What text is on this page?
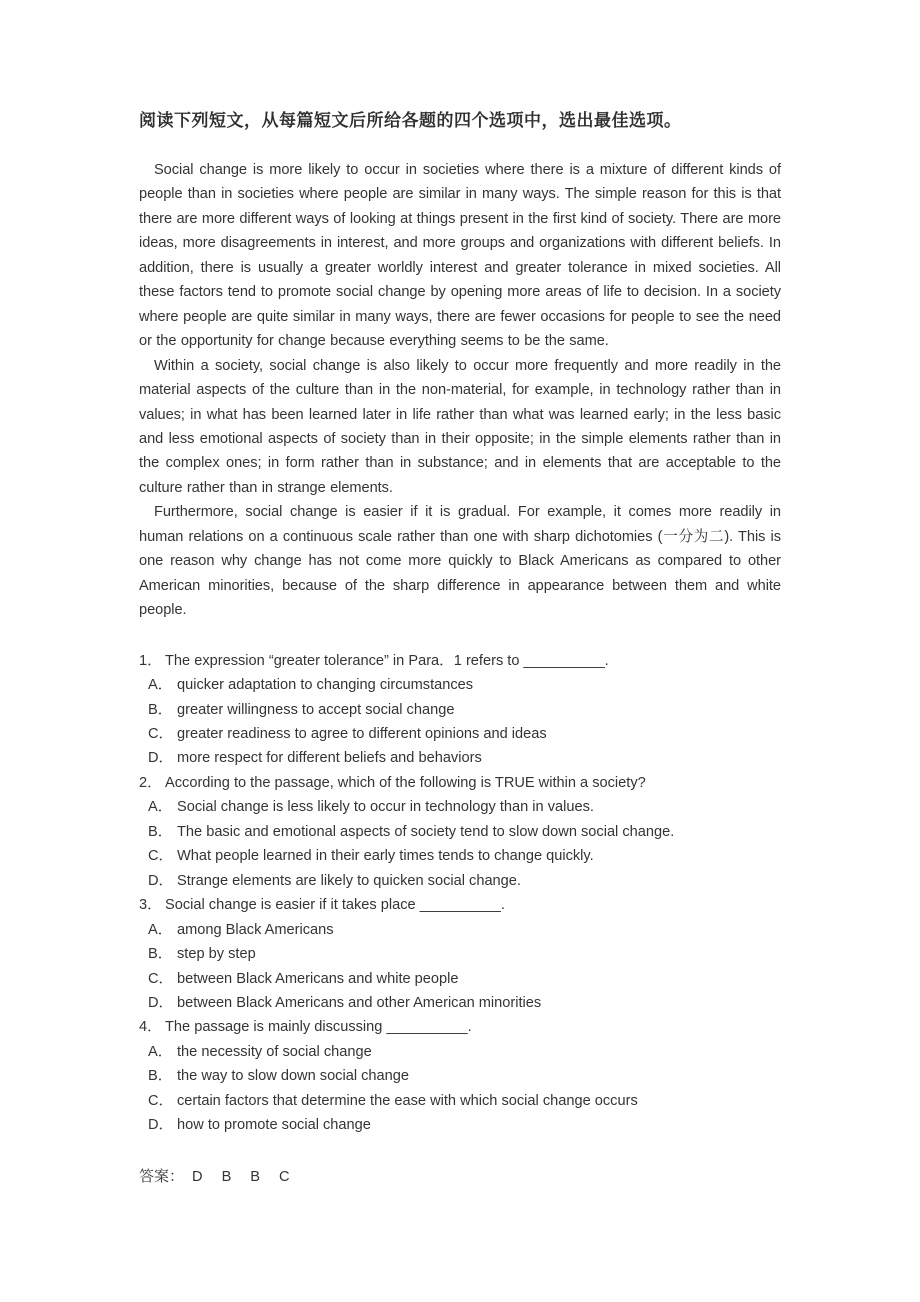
阅读下列短文，从每篇短文后所给各题的四个选项中，选出最佳选项。

Social change is more likely to occur in societies where there is a mixture of different kinds of people than in societies where people are similar in many ways. The simple reason for this is that there are more different ways of looking at things present in the first kind of society. There are more ideas, more disagreements in interest, and more groups and organizations with different beliefs. In addition, there is usually a greater worldly interest and greater tolerance in mixed societies. All these factors tend to promote social change by opening more areas of life to decision. In a society where people are quite similar in many ways, there are fewer occasions for people to see the need or the opportunity for change because everything seems to be the same.

Within a society, social change is also likely to occur more frequently and more readily in the material aspects of the culture than in the non-material, for example, in technology rather than in values; in what has been learned later in life rather than what was learned early; in the less basic and less emotional aspects of society than in their opposite; in the simple elements rather than in the complex ones; in form rather than in substance; and in elements that are acceptable to the culture rather than in strange elements.

Furthermore, social change is easier if it is gradual. For example, it comes more readily in human relations on a continuous scale rather than one with sharp dichotomies (一分为二). This is one reason why change has not come more quickly to Black Americans as compared to other American minorities, because of the sharp difference in appearance between them and white people.

1． The expression “greater tolerance” in Para．1 refers to __________.
A． quicker adaptation to changing circumstances
B． greater willingness to accept social change
C． greater readiness to agree to different opinions and ideas
D． more respect for different beliefs and behaviors
2． According to the passage, which of the following is TRUE within a society?
A． Social change is less likely to occur in technology than in values.
B． The basic and emotional aspects of society tend to slow down social change.
C． What people learned in their early times tends to change quickly.
D． Strange elements are likely to quicken social change.
3． Social change is easier if it takes place __________.
A． among Black Americans
B． step by step
C． between Black Americans and white people
D． between Black Americans and other American minorities
4． The passage is mainly discussing __________.
A． the necessity of social change
B． the way to slow down social change
C． certain factors that determine the ease with which social change occurs
D． how to promote social change
答案： D B B C
